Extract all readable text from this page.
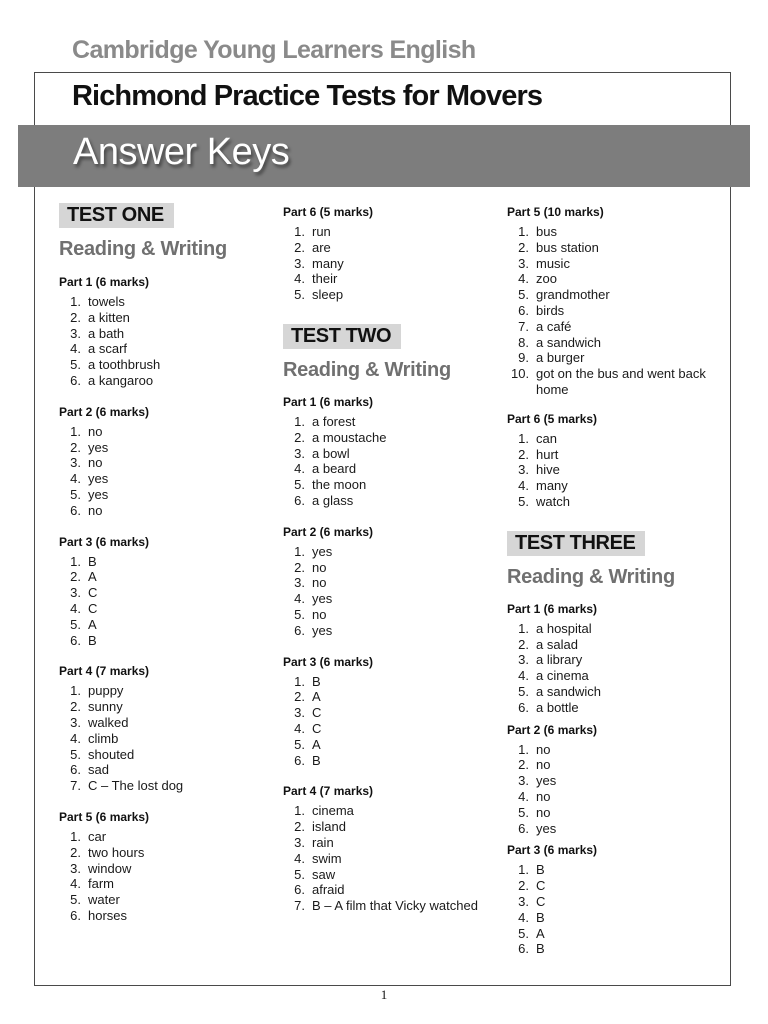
Cambridge Young Learners English
Richmond Practice Tests for Movers
Answer Keys
TEST ONE
Reading & Writing
Part 1 (6 marks)
1. towels
2. a kitten
3. a bath
4. a scarf
5. a toothbrush
6. a kangaroo
Part 2 (6 marks)
1. no
2. yes
3. no
4. yes
5. yes
6. no
Part 3 (6 marks)
1. B
2. A
3. C
4. C
5. A
6. B
Part 4 (7 marks)
1. puppy
2. sunny
3. walked
4. climb
5. shouted
6. sad
7. C – The lost dog
Part 5 (6 marks)
1. car
2. two hours
3. window
4. farm
5. water
6. horses
Part 6 (5 marks)
1. run
2. are
3. many
4. their
5. sleep
TEST TWO
Reading & Writing
Part 1 (6 marks)
1. a forest
2. a moustache
3. a bowl
4. a beard
5. the moon
6. a glass
Part 2 (6 marks)
1. yes
2. no
3. no
4. yes
5. no
6. yes
Part 3 (6 marks)
1. B
2. A
3. C
4. C
5. A
6. B
Part 4 (7 marks)
1. cinema
2. island
3. rain
4. swim
5. saw
6. afraid
7. B – A film that Vicky watched
Part 5 (10 marks)
1. bus
2. bus station
3. music
4. zoo
5. grandmother
6. birds
7. a café
8. a sandwich
9. a burger
10. got on the bus and went back home
Part 6 (5 marks)
1. can
2. hurt
3. hive
4. many
5. watch
TEST THREE
Reading & Writing
Part 1 (6 marks)
1. a hospital
2. a salad
3. a library
4. a cinema
5. a sandwich
6. a bottle
Part 2 (6 marks)
1. no
2. no
3. yes
4. no
5. no
6. yes
Part 3 (6 marks)
1. B
2. C
3. C
4. B
5. A
6. B
1
